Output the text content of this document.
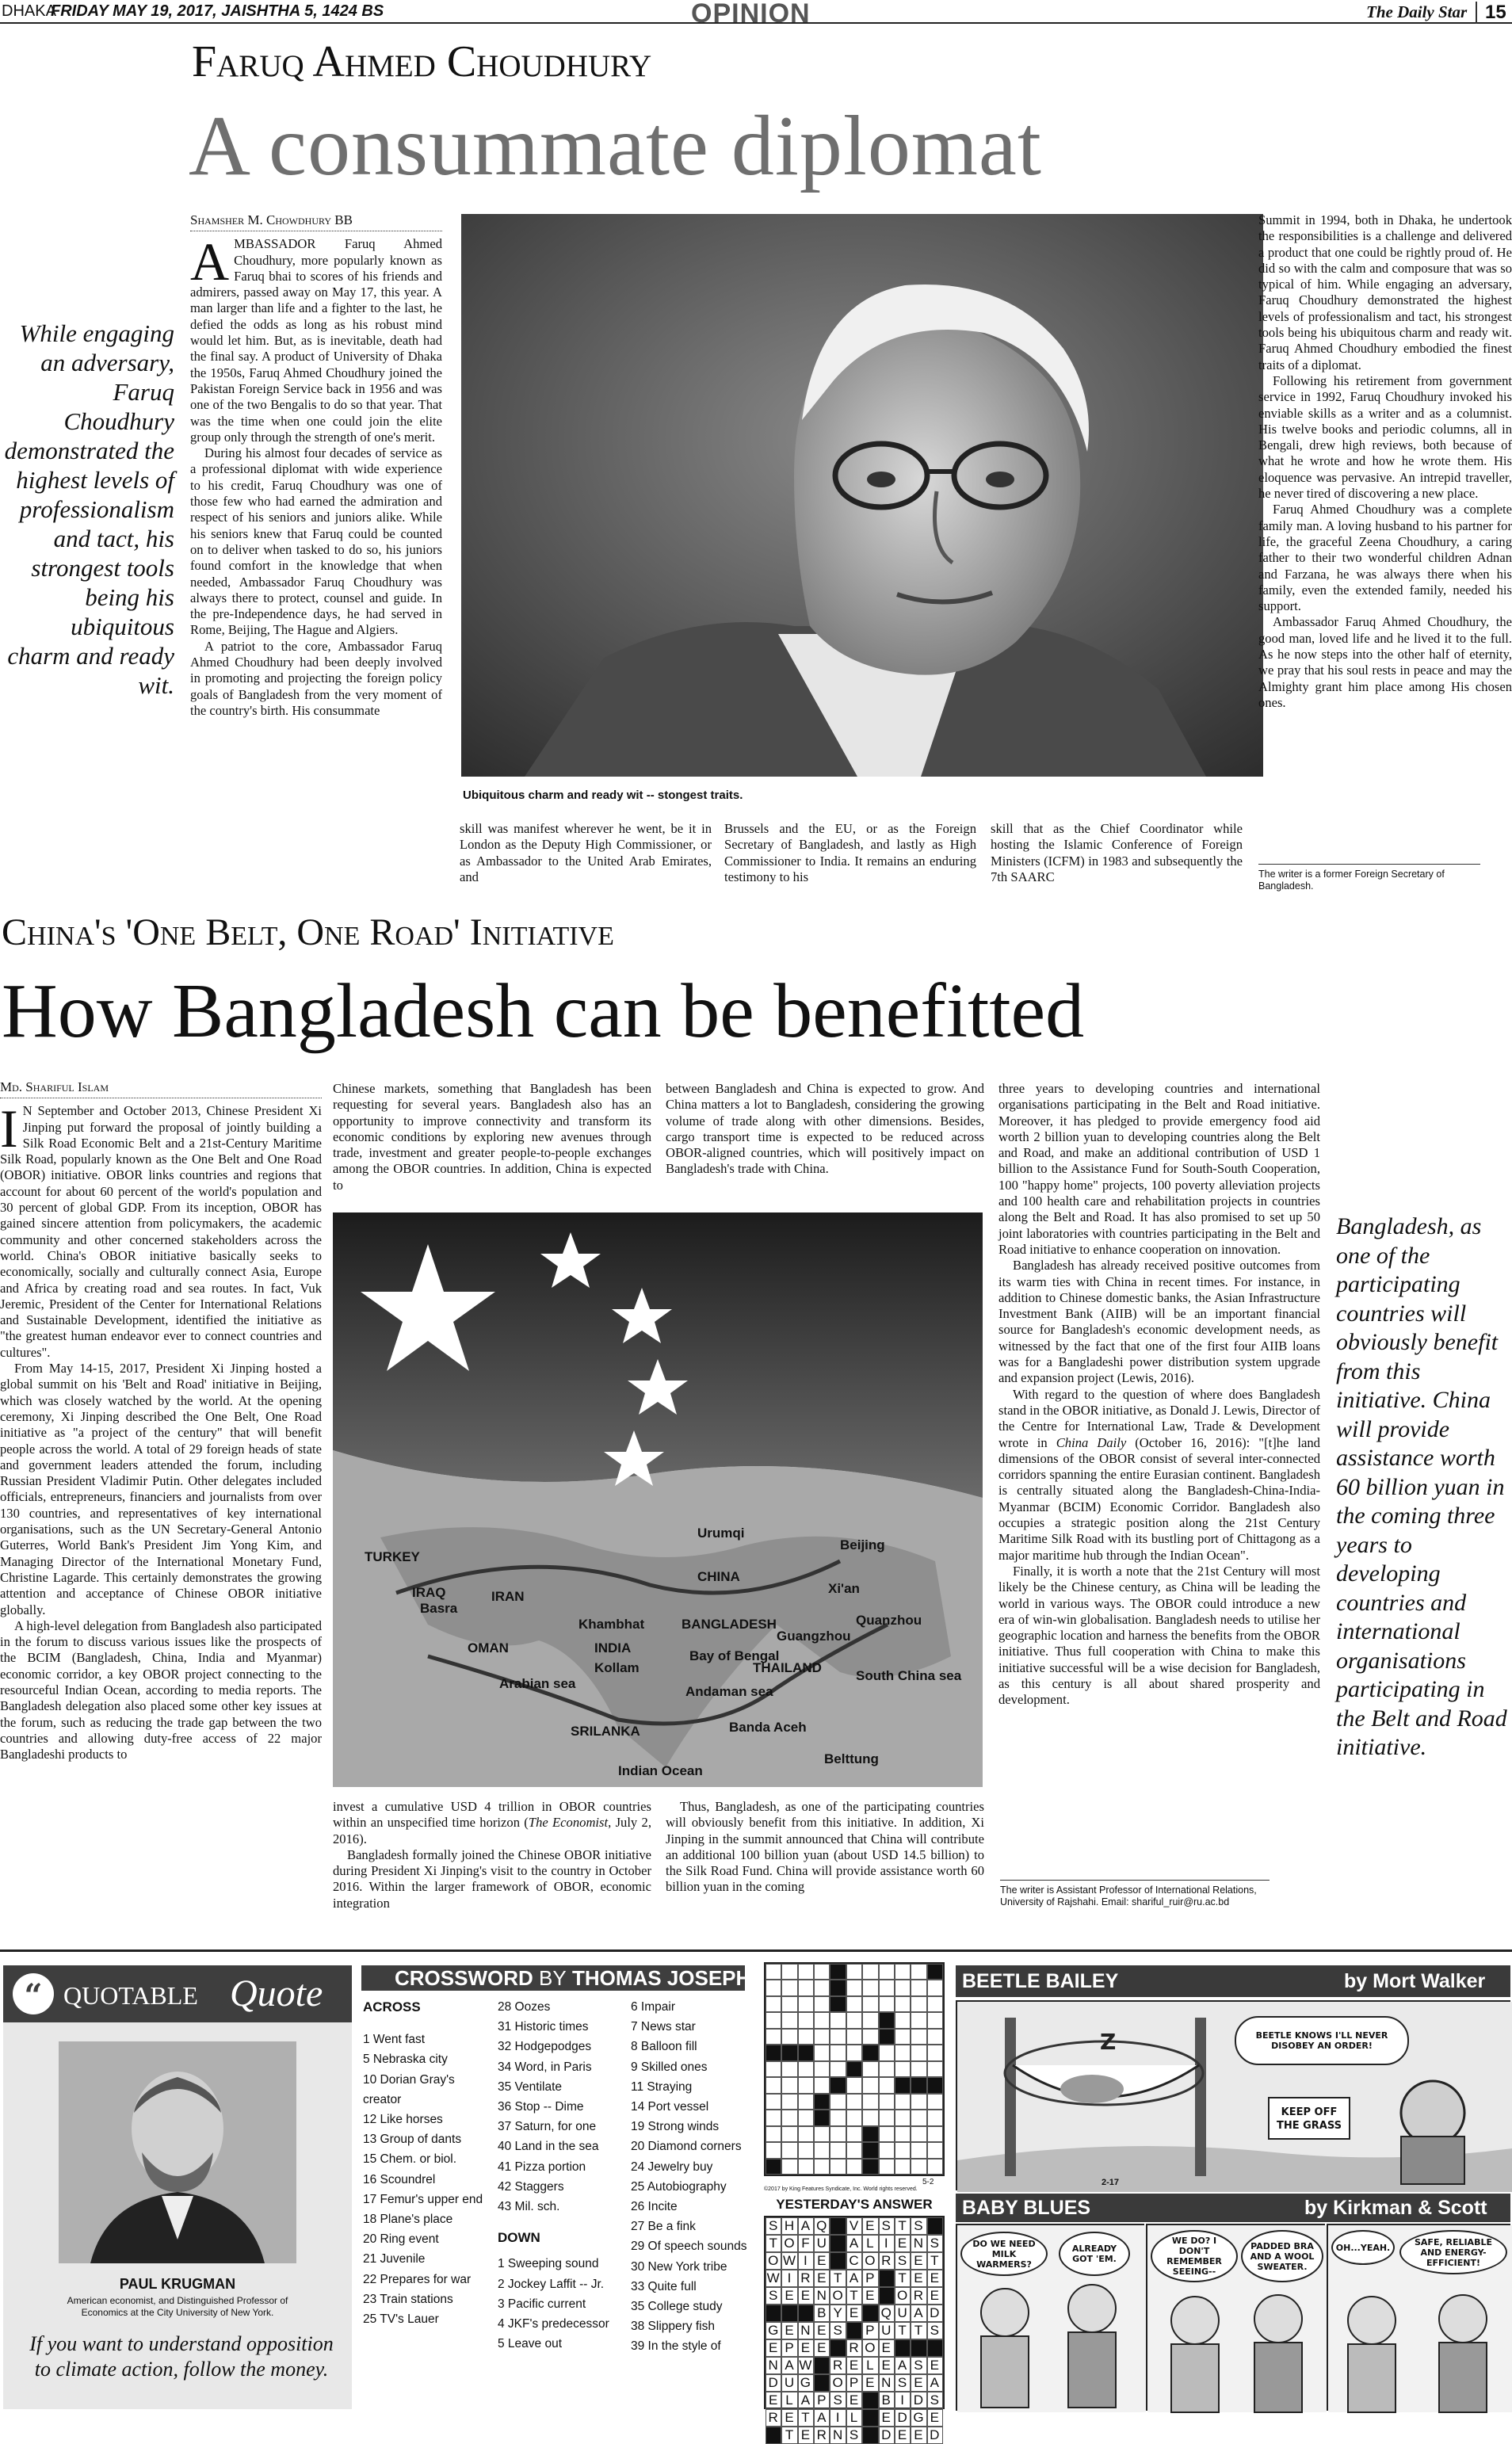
DHAKA
FRIDAY MAY 19, 2017, JAISHTHA 5, 1424 BS	OPINION	The Daily Star 15
Faruq Ahmed Choudhury
A consummate diplomat
While engaging an adversary, Faruq Choudhury demonstrated the highest levels of professionalism and tact, his strongest tools being his ubiquitous charm and ready wit.
Shamsher M. Chowdhury BB

AMBASSADOR Faruq Ahmed Choudhury, more popularly known as Faruq bhai to scores of his friends and admirers, passed away on May 17, this year. A man larger than life and a fighter to the last, he defied the odds as long as his robust mind would let him. But, as is inevitable, death had the final say. A product of University of Dhaka the 1950s, Faruq Ahmed Choudhury joined the Pakistan Foreign Service back in 1956 and was one of the two Bengalis to do so that year. That was the time when one could join the elite group only through the strength of one's merit.

During his almost four decades of service as a professional diplomat with wide experience to his credit, Faruq Choudhury was one of those few who had earned the admiration and respect of his seniors and juniors alike. While his seniors knew that Faruq could be counted on to deliver when tasked to do so, his juniors found comfort in the knowledge that when needed, Ambassador Faruq Choudhury was always there to protect, counsel and guide. In the pre-Independence days, he had served in Rome, Beijing, The Hague and Algiers.

A patriot to the core, Ambassador Faruq Ahmed Choudhury had been deeply involved in promoting and projecting the foreign policy goals of Bangladesh from the very moment of the country's birth. His consummate

Ubiquitous charm and ready wit -- stongest traits.
skill was manifest wherever he went, be it in London as the Deputy High Commissioner, or as Ambassador to the United Arab Emirates, and
Brussels and the EU, or as the Foreign Secretary of Bangladesh, and lastly as High Commissioner to India. It remains an enduring testimony to his
skill that as the Chief Coordinator while hosting the Islamic Conference of Foreign Ministers (ICFM) in 1983 and subsequently the 7th SAARC

Summit in 1994, both in Dhaka, he undertook the responsibilities is a challenge and delivered a product that one could be rightly proud of. He did so with the calm and composure that was so typical of him. While engaging an adversary, Faruq Choudhury demonstrated the highest levels of professionalism and tact, his strongest tools being his ubiquitous charm and ready wit. Faruq Ahmed Choudhury embodied the finest traits of a diplomat.

Following his retirement from government service in 1992, Faruq Choudhury invoked his enviable skills as a writer and as a columnist. His twelve books and periodic columns, all in Bengali, drew high reviews, both because of what he wrote and how he wrote them. His eloquence was pervasive. An intrepid traveller, he never tired of discovering a new place.

Faruq Ahmed Choudhury was a complete family man. A loving husband to his partner for life, the graceful Zeena Choudhury, a caring father to their two wonderful children Adnan and Farzana, he was always there when his family, even the extended family, needed his support.

Ambassador Faruq Ahmed Choudhury, the good man, loved life and he lived it to the full. As he now steps into the other half of eternity, we pray that his soul rests in peace and may the Almighty grant him place among His chosen ones.

The writer is a former Foreign Secretary of Bangladesh.
China's 'One Belt, One Road' Initiative
How Bangladesh can be benefitted
Md. Shariful Islam

I N September and October 2013, Chinese President Xi Jinping put forward the proposal of jointly building a Silk Road Economic Belt and a 21st-Century Maritime Silk Road, popularly known as the One Belt and One Road (OBOR) initiative. OBOR links countries and regions that account for about 60 percent of the world's population and 30 percent of global GDP. From its inception, OBOR has gained sincere attention from policymakers, the academic community and other concerned stakeholders across the world. China's OBOR initiative basically seeks to economically, socially and culturally connect Asia, Europe and Africa by creating road and sea routes. In fact, Vuk Jeremic, President of the Center for International Relations and Sustainable Development, identified the initiative as "the greatest human endeavor ever to connect countries and cultures".

From May 14-15, 2017, President Xi Jinping hosted a global summit on his 'Belt and Road' initiative in Beijing, which was closely watched by the world. At the opening ceremony, Xi Jinping described the One Belt, One Road initiative as "a project of the century" that will benefit people across the world. A total of 29 foreign heads of state and government leaders attended the forum, including Russian President Vladimir Putin. Other delegates included officials, entrepreneurs, financiers and journalists from over 130 countries, and representatives of key international organisations, such as the UN Secretary-General Antonio Guterres, World Bank's President Jim Yong Kim, and Managing Director of the International Monetary Fund, Christine Lagarde. This certainly demonstrates the growing attention and acceptance of Chinese OBOR initiative globally.

A high-level delegation from Bangladesh also participated in the forum to discuss various issues like the prospects of the BCIM (Bangladesh, China, India and Myanmar) economic corridor, a key OBOR project connecting to the resourceful Indian Ocean, according to media reports. The Bangladesh delegation also placed some other key issues at the forum, such as reducing the trade gap between the two countries and allowing duty-free access of 22 major Bangladeshi products to

Chinese markets, something that Bangladesh has been requesting for several years. Bangladesh also has an opportunity to improve connectivity and transform its economic conditions by exploring new avenues through trade, investment and greater people-to-people exchanges among the OBOR countries. In addition, China is expected to
between Bangladesh and China is expected to grow. And China matters a lot to Bangladesh, considering the growing volume of trade along with other dimensions. Besides, cargo transport time is expected to be reduced across OBOR-aligned countries, which will positively impact on Bangladesh's trade with China.
TURKEY
IRAQ
Basra
IRAN
OMAN
Arabian sea
Khambhat
INDIA
Kollam
SRILANKA
Indian Ocean
Urumqi
CHINA
Beijing
Xi'an
BANGLADESH
Guangzhou
Quanzhou
Bay of Bengal
THAILAND
Andaman sea
South China sea
Banda Aceh
Belttung

invest a cumulative USD 4 trillion in OBOR countries within an unspecified time horizon (The Economist, July 2, 2016).

Bangladesh formally joined the Chinese OBOR initiative during President Xi Jinping's visit to the country in October 2016. Within the larger framework of OBOR, economic integration

Thus, Bangladesh, as one of the participating countries will obviously benefit from this initiative. In addition, Xi Jinping in the summit announced that China will contribute an additional 100 billion yuan (about USD 14.5 billion) to the Silk Road Fund. China will provide assistance worth 60 billion yuan in the coming

three years to developing countries and international organisations participating in the Belt and Road initiative. Moreover, it has pledged to provide emergency food aid worth 2 billion yuan to developing countries along the Belt and Road, and make an additional contribution of USD 1 billion to the Assistance Fund for South-South Cooperation, 100 "happy home" projects, 100 poverty alleviation projects and 100 health care and rehabilitation projects in countries along the Belt and Road. It has also promised to set up 50 joint laboratories with countries participating in the Belt and Road initiative to enhance cooperation on innovation.

Bangladesh has already received positive outcomes from its warm ties with China in recent times. For instance, in addition to Chinese domestic banks, the Asian Infrastructure Investment Bank (AIIB) will be an important financial source for Bangladesh's economic development needs, as witnessed by the fact that one of the first four AIIB loans was for a Bangladeshi power distribution system upgrade and expansion project (Lewis, 2016).

With regard to the question of where does Bangladesh stand in the OBOR initiative, as Donald J. Lewis, Director of the Centre for International Law, Trade & Development wrote in China Daily (October 16, 2016): "[t]he land dimensions of the OBOR consist of several inter-connected corridors spanning the entire Eurasian continent. Bangladesh is centrally situated along the Bangladesh-China-India-Myanmar (BCIM) Economic Corridor. Bangladesh also occupies a strategic position along the 21st Century Maritime Silk Road with its bustling port of Chittagong as a major maritime hub through the Indian Ocean".

Finally, it is worth a note that the 21st Century will most likely be the Chinese century, as China will be leading the world in various ways. The OBOR could introduce a new era of win-win globalisation. Bangladesh needs to utilise her geographic location and harness the benefits from the OBOR initiative. Thus full cooperation with China to make this initiative successful will be a wise decision for Bangladesh, as this century is all about shared prosperity and development.

The writer is Assistant Professor of International Relations, University of Rajshahi. Email: shariful_ruir@ru.ac.bd
Bangladesh, as one of the participating countries will obviously benefit from this initiative. China will provide assistance worth 60 billion yuan in the coming three years to developing countries and international organisations participating in the Belt and Road initiative.
“ QUOTABLE Quote
PAUL KRUGMAN
American economist, and Distinguished Professor of Economics at the City University of New York.
If you want to understand opposition to climate action, follow the money.
CROSSWORD BY THOMAS JOSEPH
ACROSS
1 Went fast
5 Nebraska city
10 Dorian Gray's creator
12 Like horses
13 Group of dants
15 Chem. or biol.
16 Scoundrel
17 Femur's upper end
18 Plane's place
20 Ring event
21 Juvenile
22 Prepares for war
23 Train stations
25 TV's Lauer
28 Oozes
31 Historic times
32 Hodgepodges
34 Word, in Paris
35 Ventilate
36 Stop -- Dime
37 Saturn, for one
40 Land in the sea
41 Pizza portion
42 Staggers
43 Mil. sch.
DOWN
1 Sweeping sound
2 Jockey Laffit -- Jr.
3 Pacific current
4 JKF's predecessor
5 Leave out
6 Impair
7 News star
8 Balloon fill
9 Skilled ones
11 Straying
14 Port vessel
19 Strong winds
20 Diamond corners
24 Jewelry buy
25 Autobiography
26 Incite
27 Be a fink
29 Of speech sounds
30 New York tribe
33 Quite full
35 College study
38 Slippery fish
39 In the style of
5-2
©2017 by King Features Syndicate, Inc. World rights reserved.
YESTERDAY'S ANSWER
S H A Q V E S T S
T O F U A L I E N S
O W I E C O R S E T
W I R E T A P T E E
S E E N O T E O R E
B Y E Q U A D
G E N E S P U T T S
E P E E R O E
N A W R E L E A S E
D U G O P E N S E A
E L A P S E B I D S
R E T A I L E D G E
T E R N S D E E D
BEETLE BAILEY	by Mort Walker
Z	BEETLE KNOWS I'LL NEVER DISOBEY AN ORDER!
KEEP OFF THE GRASS
2-17
BABY BLUES	by Kirkman & Scott
DO WE NEED MILK WARMERS?
ALREADY GOT 'EM.
WE DO? I DON'T REMEMBER SEEING--
PADDED BRA AND A WOOL SWEATER.
OH...YEAH.
SAFE, RELIABLE AND ENERGY-EFFICIENT!
